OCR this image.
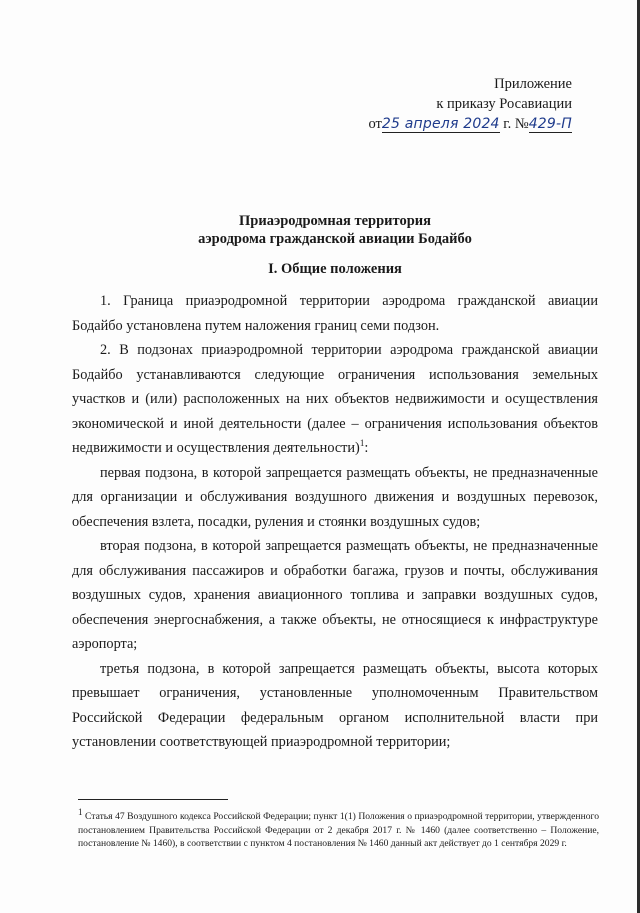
Приложение
к приказу Росавиации
от25 апреля 2024 г. №429-П
Приаэродромная территория
аэродрома гражданской авиации Бодайбо
I. Общие положения

1. Граница приаэродромной территории аэродрома гражданской авиации Бодайбо установлена путем наложения границ семи подзон.

2. В подзонах приаэродромной территории аэродрома гражданской авиации Бодайбо устанавливаются следующие ограничения использования земельных участков и (или) расположенных на них объектов недвижимости и осуществления экономической и иной деятельности (далее – ограничения использования объектов недвижимости и осуществления деятельности)$^1$:

первая подзона, в которой запрещается размещать объекты, не предназначенные для организации и обслуживания воздушного движения и воздушных перевозок, обеспечения взлета, посадки, руления и стоянки воздушных судов;

вторая подзона, в которой запрещается размещать объекты, не предназначенные для обслуживания пассажиров и обработки багажа, грузов и почты, обслуживания воздушных судов, хранения авиационного топлива и заправки воздушных судов, обеспечения энергоснабжения, а также объекты, не относящиеся к инфраструктуре аэропорта;

третья подзона, в которой запрещается размещать объекты, высота которых превышает ограничения, установленные уполномоченным Правительством Российской Федерации федеральным органом исполнительной власти при установлении соответствующей приаэродромной территории;

$^1$ Статья 47 Воздушного кодекса Российской Федерации; пункт 1(1) Положения о приаэродромной территории, утвержденного постановлением Правительства Российской Федерации от 2 декабря 2017 г. № 1460 (далее соответственно – Положение, постановление № 1460), в соответствии с пунктом 4 постановления № 1460 данный акт действует до 1 сентября 2029 г.
